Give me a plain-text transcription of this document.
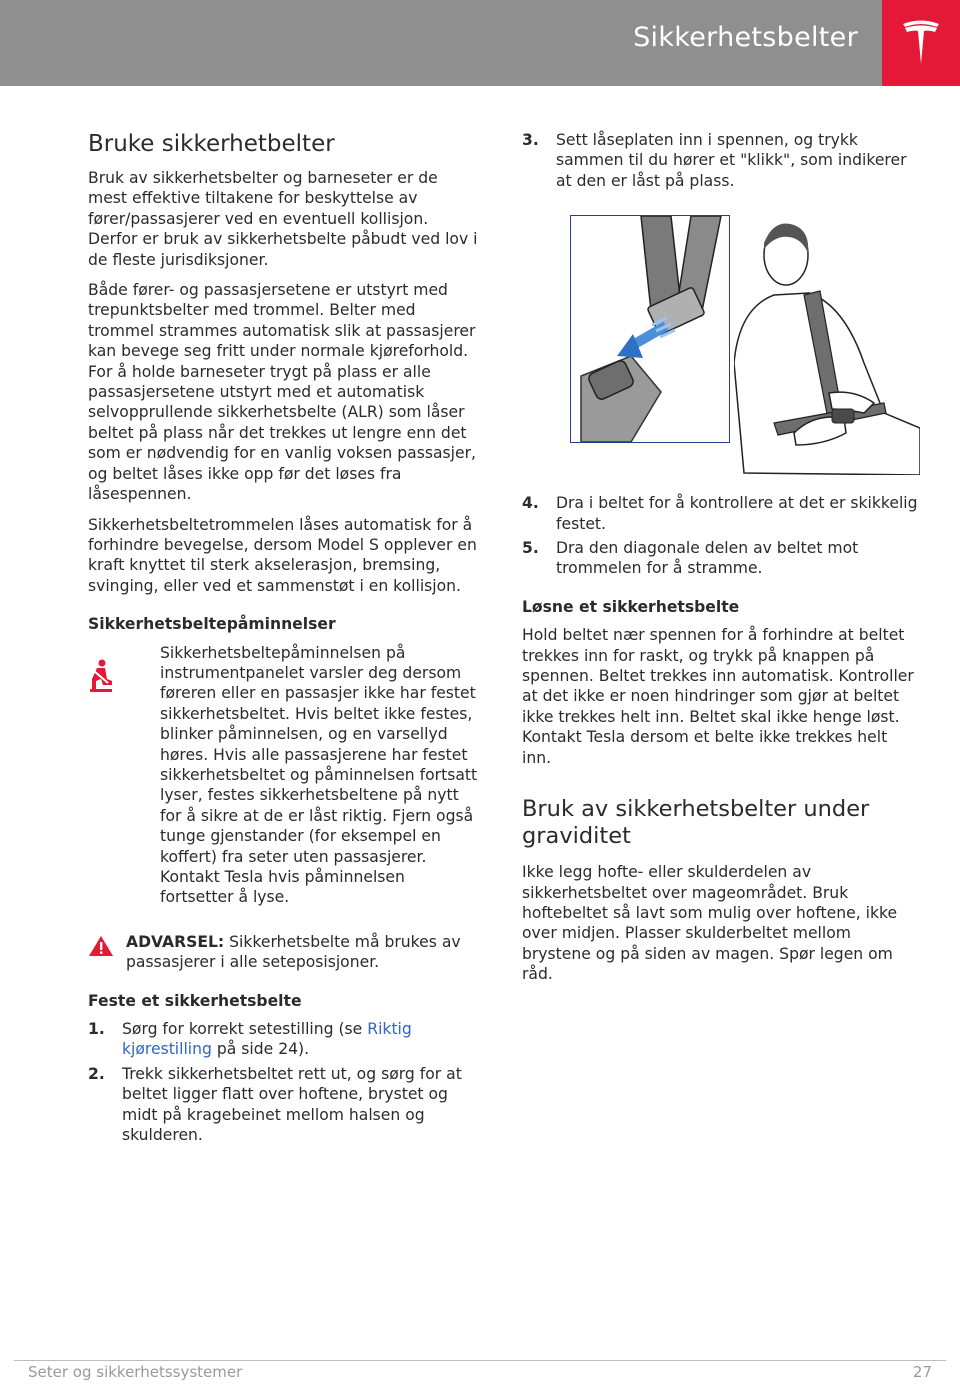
Sikkerhetsbelter
Bruke sikkerhetbelter

Bruk av sikkerhetsbelter og barneseter er de mest effektive tiltakene for beskyttelse av fører/passasjerer ved en eventuell kollisjon. Derfor er bruk av sikkerhetsbelte påbudt ved lov i de fleste jurisdiksjoner.

Både fører- og passasjersetene er utstyrt med trepunktsbelter med trommel. Belter med trommel strammes automatisk slik at passasjerer kan bevege seg fritt under normale kjøreforhold. For å holde barneseter trygt på plass er alle passasjersetene utstyrt med et automatisk selvopprullende sikkerhetsbelte (ALR) som låser beltet på plass når det trekkes ut lengre enn det som er nødvendig for en vanlig voksen passasjer, og beltet låses ikke opp før det løses fra låsespennen.

Sikkerhetsbeltetrommelen låses automatisk for å forhindre bevegelse, dersom Model S opplever en kraft knyttet til sterk akselerasjon, bremsing, svinging, eller ved et sammenstøt i en kollisjon.

Sikkerhetsbeltepåminnelser
Sikkerhetsbeltepåminnelsen på instrumentpanelet varsler deg dersom føreren eller en passasjer ikke har festet sikkerhetsbeltet. Hvis beltet ikke festes, blinker påminnelsen, og en varsellyd høres. Hvis alle passasjerene har festet sikkerhetsbeltet og påminnelsen fortsatt lyser, festes sikkerhetsbeltene på nytt for å sikre at de er låst riktig. Fjern også tunge gjenstander (for eksempel en koffert) fra seter uten passasjerer. Kontakt Tesla hvis påminnelsen fortsetter å lyse.
ADVARSEL: Sikkerhetsbelte må brukes av passasjerer i alle seteposisjoner.
Feste et sikkerhetsbelte
1.	Sørg for korrekt setestilling (se Riktig kjørestilling på side 24).
2.	Trekk sikkerhetsbeltet rett ut, og sørg for at beltet ligger flatt over hoftene, brystet og midt på kragebeinet mellom halsen og skulderen.
3.	Sett låseplaten inn i spennen, og trykk sammen til du hører et "klikk", som indikerer at den er låst på plass.
4.	Dra i beltet for å kontrollere at det er skikkelig festet.
5.	Dra den diagonale delen av beltet mot trommelen for å stramme.
Løsne et sikkerhetsbelte

Hold beltet nær spennen for å forhindre at beltet trekkes inn for raskt, og trykk på knappen på spennen. Beltet trekkes inn automatisk. Kontroller at det ikke er noen hindringer som gjør at beltet ikke trekkes helt inn. Beltet skal ikke henge løst. Kontakt Tesla dersom et belte ikke trekkes helt inn.

Bruk av sikkerhetsbelter under graviditet

Ikke legg hofte- eller skulderdelen av sikkerhetsbeltet over mageområdet. Bruk hoftebeltet så lavt som mulig over hoftene, ikke over midjen. Plasser skulderbeltet mellom brystene og på siden av magen. Spør legen om råd.

Seter og sikkerhetssystemer	27
